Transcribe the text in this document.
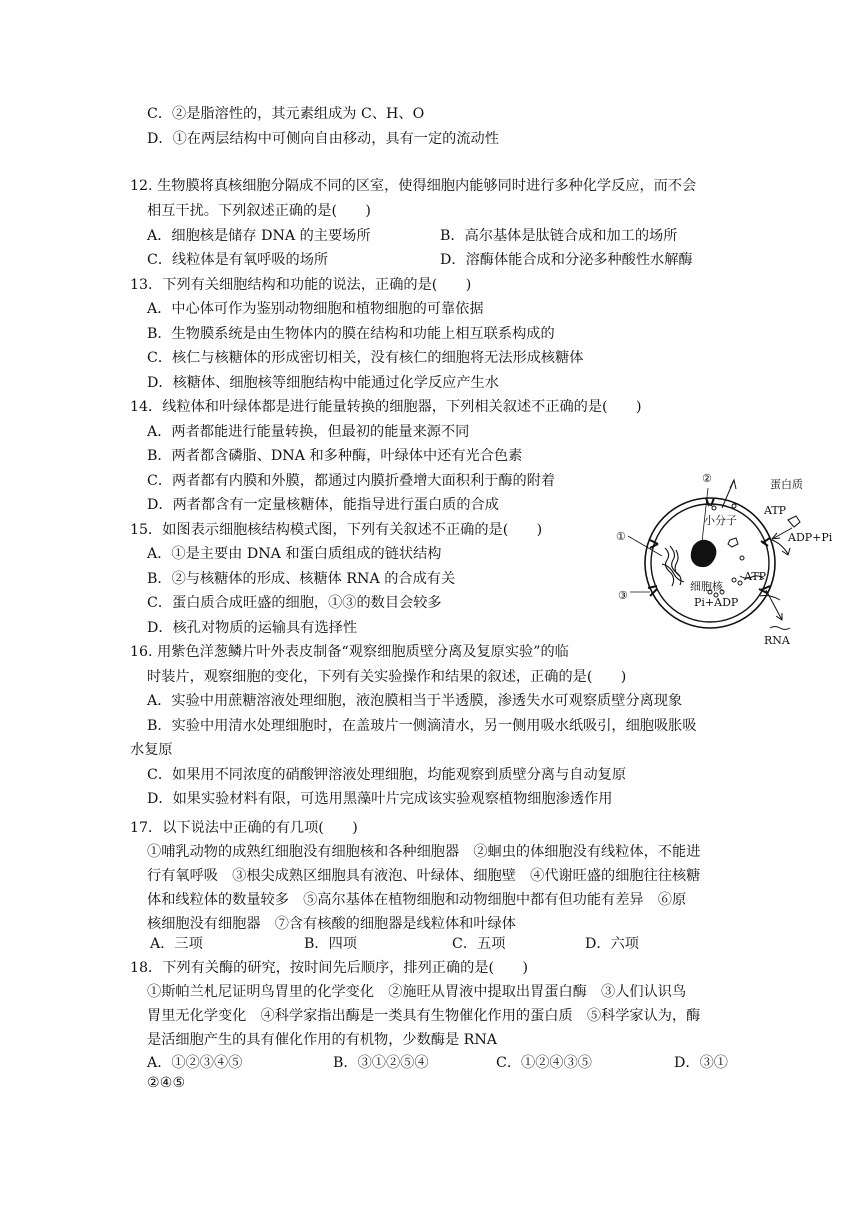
C．②是脂溶性的，其元素组成为 C、H、O
D．①在两层结构中可侧向自由移动，具有一定的流动性
12. 生物膜将真核细胞分隔成不同的区室，使得细胞内能够同时进行多种化学反应，而不会
相互干扰。下列叙述正确的是(　　)
A．细胞核是储存 DNA 的主要场所	B．高尔基体是肽链合成和加工的场所
C．线粒体是有氧呼吸的场所	D．溶酶体能合成和分泌多种酸性水解酶
13．下列有关细胞结构和功能的说法，正确的是(　　)
A．中心体可作为鉴别动物细胞和植物细胞的可靠依据
B．生物膜系统是由生物体内的膜在结构和功能上相互联系构成的
C．核仁与核糖体的形成密切相关，没有核仁的细胞将无法形成核糖体
D．核糖体、细胞核等细胞结构中能通过化学反应产生水
14．线粒体和叶绿体都是进行能量转换的细胞器，下列相关叙述不正确的是(　　)
A．两者都能进行能量转换，但最初的能量来源不同
B．两者都含磷脂、DNA 和多种酶，叶绿体中还有光合色素
C．两者都有内膜和外膜，都通过内膜折叠增大面积利于酶的附着
D．两者都含有一定量核糖体，能指导进行蛋白质的合成
15．如图表示细胞核结构模式图，下列有关叙述不正确的是(　　)
A．①是主要由 DNA 和蛋白质组成的链状结构
B．②与核糖体的形成、核糖体 RNA 的合成有关
C．蛋白质合成旺盛的细胞，①③的数目会较多
D．核孔对物质的运输具有选择性
16. 用紫色洋葱鳞片叶外表皮制备“观察细胞质壁分离及复原实验”的临
时装片，观察细胞的变化，下列有关实验操作和结果的叙述，正确的是(　　)
A．实验中用蔗糖溶液处理细胞，液泡膜相当于半透膜，渗透失水可观察质壁分离现象
B．实验中用清水处理细胞时，在盖玻片一侧滴清水，另一侧用吸水纸吸引，细胞吸胀吸
水复原
C．如果用不同浓度的硝酸钾溶液处理细胞，均能观察到质壁分离与自动复原
D．如果实验材料有限，可选用黑藻叶片完成该实验观察植物细胞渗透作用
17．以下说法中正确的有几项(　　)
①哺乳动物的成熟红细胞没有细胞核和各种细胞器　②蛔虫的体细胞没有线粒体，不能进
行有氧呼吸　③根尖成熟区细胞具有液泡、叶绿体、细胞壁　④代谢旺盛的细胞往往核糖
体和线粒体的数量较多　⑤高尔基体在植物细胞和动物细胞中都有但功能有差异　⑥原
核细胞没有细胞器　⑦含有核酸的细胞器是线粒体和叶绿体
A．三项	B．四项	C．五项	D．六项
18．下列有关酶的研究，按时间先后顺序，排列正确的是(　　)
①斯帕兰札尼证明鸟胃里的化学变化　②施旺从胃液中提取出胃蛋白酶　③人们认识鸟
胃里无化学变化　④科学家指出酶是一类具有生物催化作用的蛋白质　⑤科学家认为，酶
是活细胞产生的具有催化作用的有机物，少数酶是 RNA
A．①②③④⑤	B．③①②⑤④	C．①②④③⑤	D．③①
②④⑤
①
②
③
小分子
蛋白质
ATP
ADP+Pi
ATP
细胞核
Pi+ADP
RNA
